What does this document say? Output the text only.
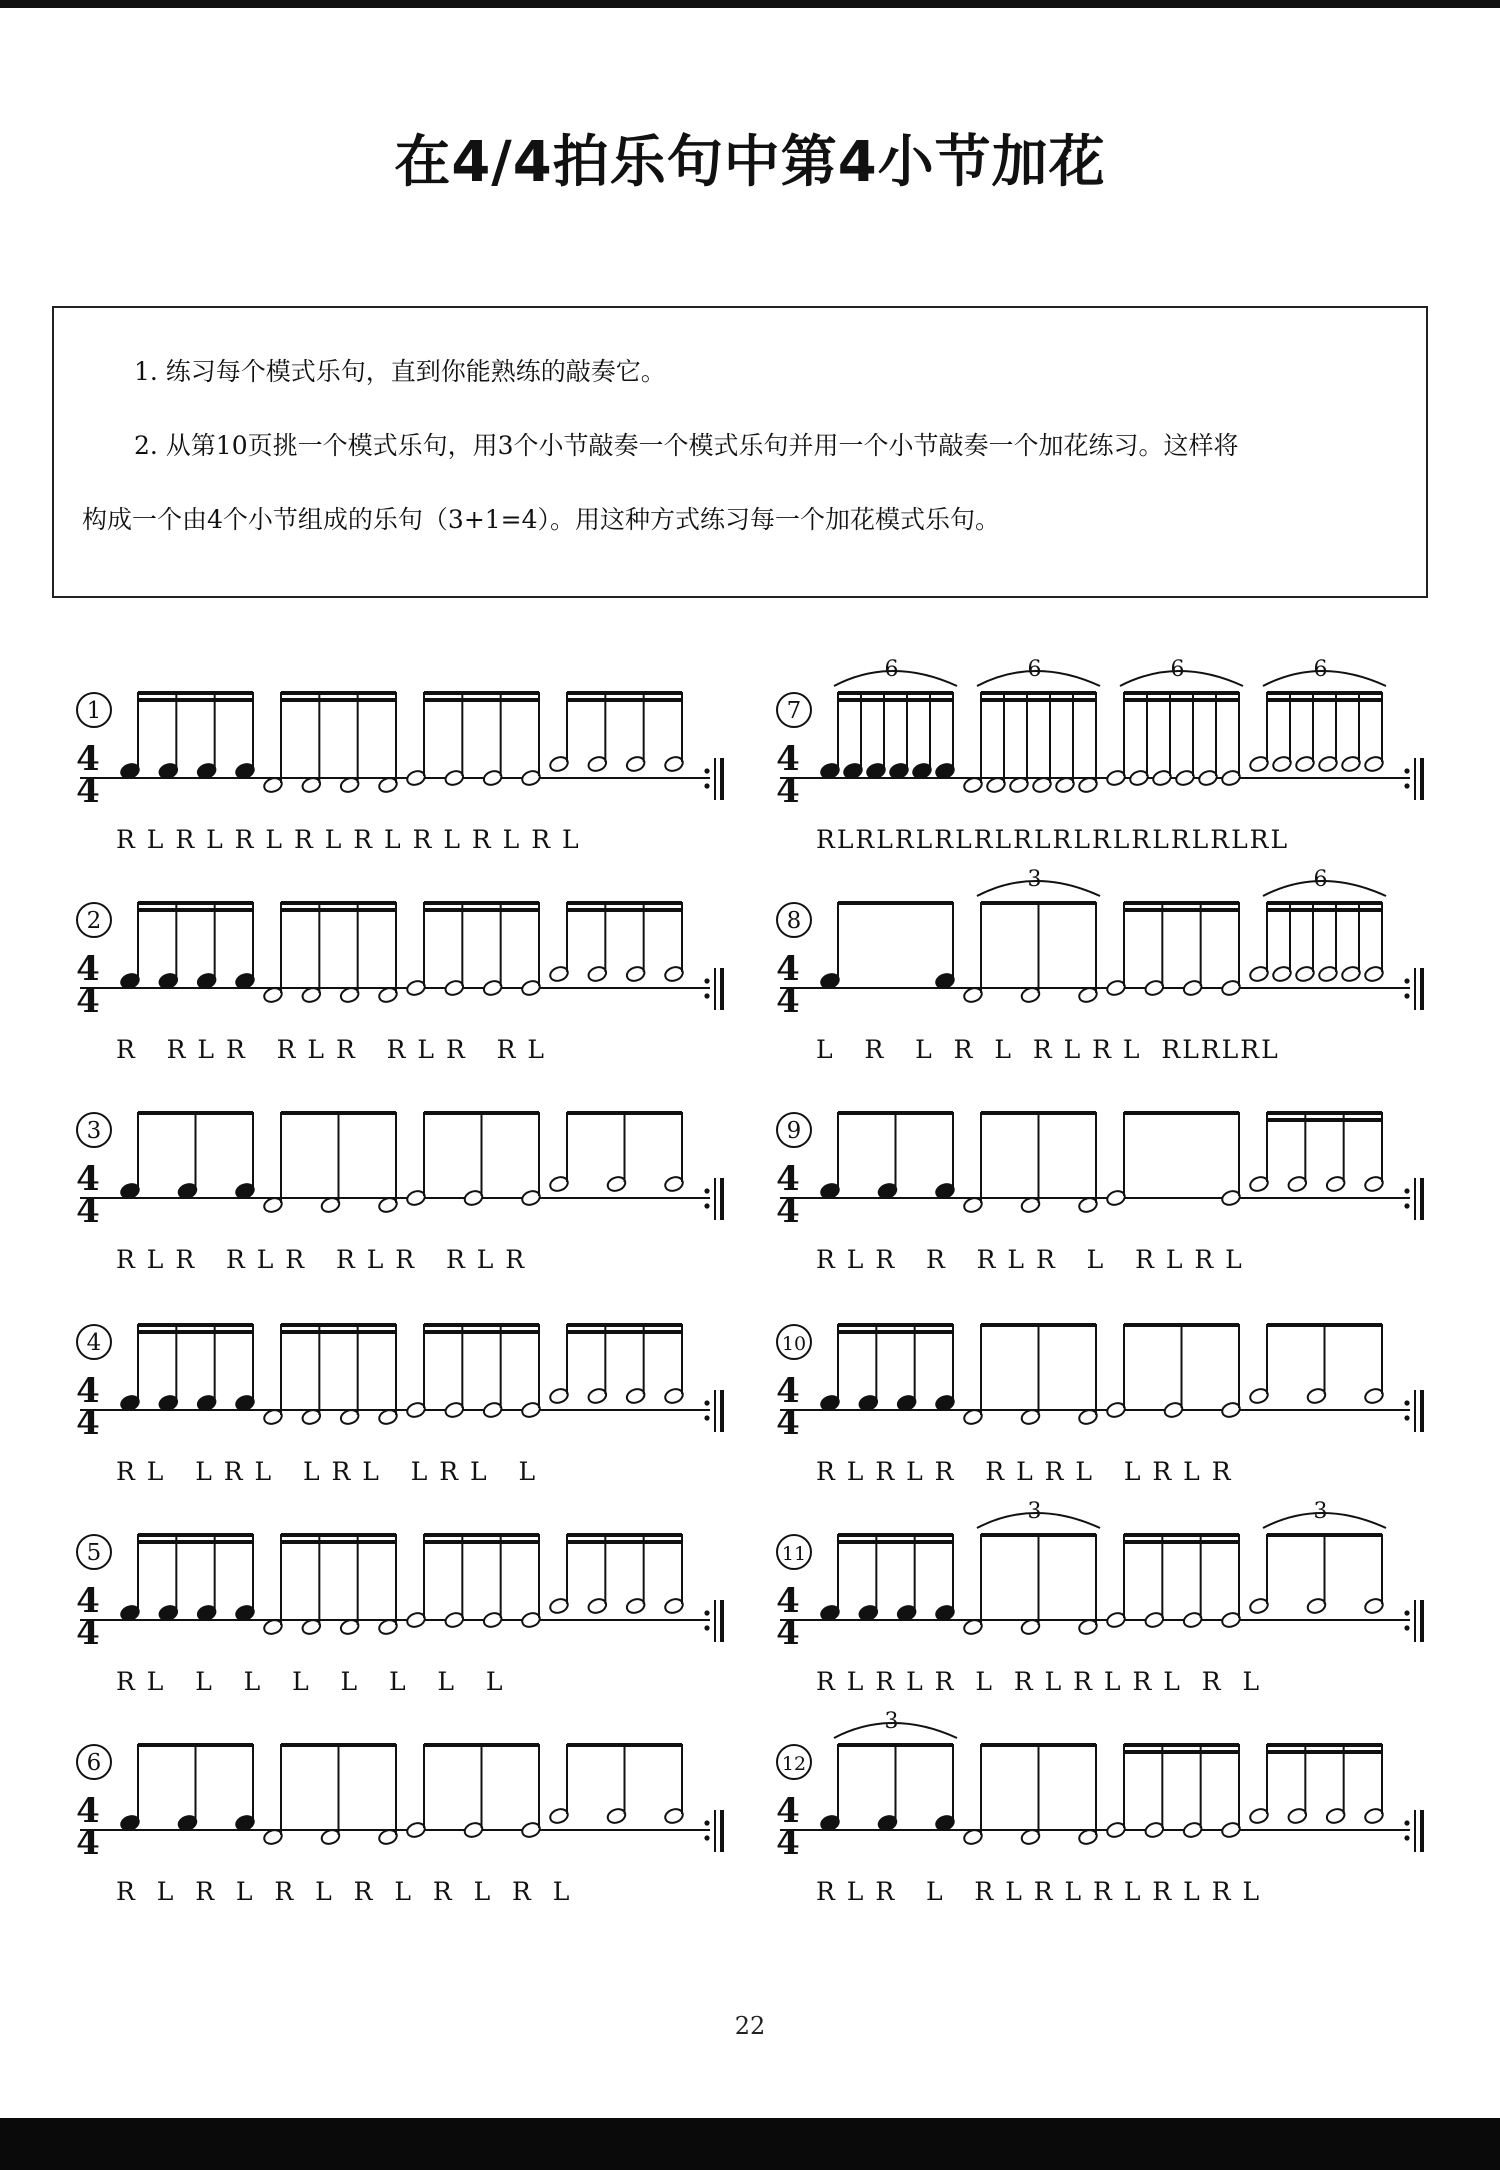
在4/4拍乐句中第4小节加花

1. 练习每个模式乐句，直到你能熟练的敲奏它。

2. 从第10页挑一个模式乐句，用3个小节敲奏一个模式乐句并用一个小节敲奏一个加花练习。这样将

构成一个由4个小节组成的乐句（3+1=4）。用这种方式练习每一个加花模式乐句。

1
4
4
R L R L R L R L R L R L R L R L
2
4
4
R   R L R   R L R   R L R   R L
3
4
4
R L R   R L R   R L R   R L R
4
4
4
R L   L R L   L R L   L R L   L
5
4
4
R L   L   L   L   L   L   L   L
6
4
4
R  L  R  L  R  L  R  L  R  L  R  L
7
4
4
6	6	6	6
RLRLRLRLRLRLRLRLRLRLRLRL
8
4
4
3	6
L   R   L  R  L  R L R L  RLRLRL
9
4
4
R L R   R   R L R   L   R L R L
10
4
4
R L R L R   R L R L   L R L R
11
4
4
3	3
R L R L R  L  R L R L R L  R  L
12
4
4
3
R L R   L   R L R L R L R L R L
22
